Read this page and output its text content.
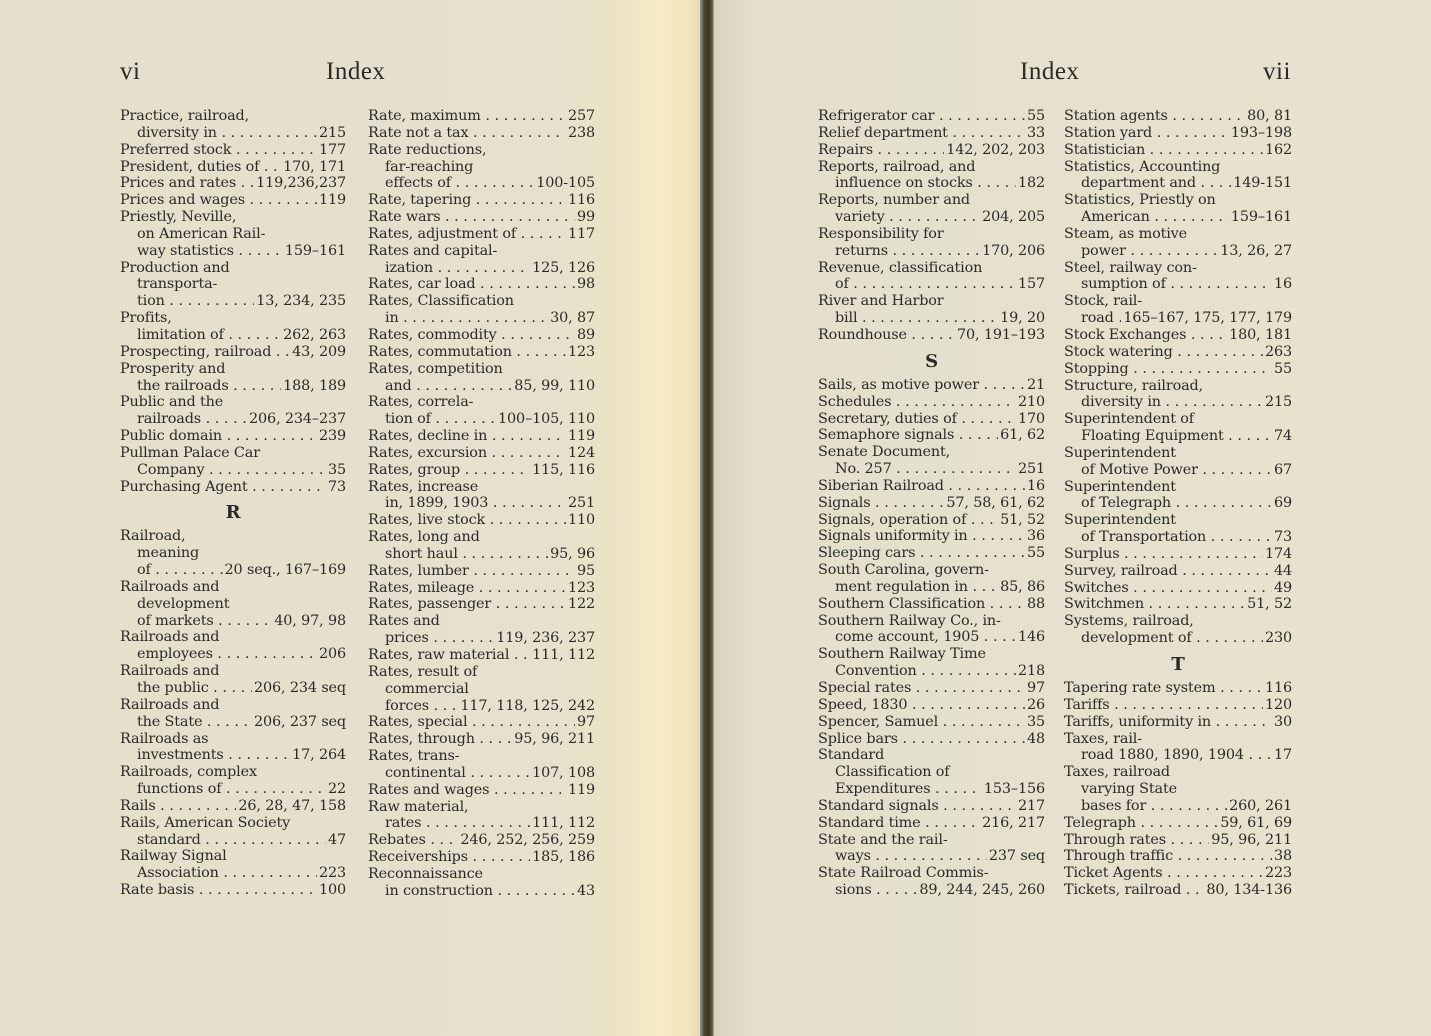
vi	Index
Practice, railroad,
diversity in . . .	215
Preferred stock . . .	177
President, duties of . . .	170, 171
Prices and rates . . .	119,236,237
Prices and wages . . .	119
Priestly, Neville,
on American Rail-
way statistics . . .	159–161
Production and
transporta-
tion . . .	13, 234, 235
Profits,
limitation of . . .	262, 263
Prospecting, railroad . . .	43, 209
Prosperity and
the railroads . . .	188, 189
Public and the
railroads . . .	206, 234–237
Public domain . . .	239
Pullman Palace Car
Company . . .	35
Purchasing Agent . . .	73
R
Railroad,
meaning
of . . .	20 seq., 167–169
Railroads and
development
of markets . . .	40, 97, 98
Railroads and
employees . . .	206
Railroads and
the public . . .	206, 234 seq
Railroads and
the State . . .	206, 237 seq
Railroads as
investments . . .	17, 264
Railroads, complex
functions of . . .	22
Rails . . .	26, 28, 47, 158
Rails, American Society
standard . . .	47
Railway Signal
Association . . .	223
Rate basis . . .	100
Rate, maximum . . .	257
Rate not a tax . . .	238
Rate reductions,
far-reaching
effects of . . .	100-105
Rate, tapering . . .	116
Rate wars . . .	99
Rates, adjustment of . . .	117
Rates and capital-
ization . . .	125, 126
Rates, car load . . .	98
Rates, Classification
in . . .	30, 87
Rates, commodity . . .	89
Rates, commutation . . .	123
Rates, competition
and . . .	85, 99, 110
Rates, correla-
tion of . . .	100–105, 110
Rates, decline in . . .	119
Rates, excursion . . .	124
Rates, group . . .	115, 116
Rates, increase
in, 1899, 1903 . . .	251
Rates, live stock . . .	110
Rates, long and
short haul . . .	95, 96
Rates, lumber . . .	95
Rates, mileage . . .	123
Rates, passenger . . .	122
Rates and
prices . . .	119, 236, 237
Rates, raw material . . .	111, 112
Rates, result of
commercial
forces . . .	117, 118, 125, 242
Rates, special . . .	97
Rates, through . . .	95, 96, 211
Rates, trans-
continental . . .	107, 108
Rates and wages . . .	119
Raw material,
rates . . .	111, 112
Rebates . . .	246, 252, 256, 259
Receiverships . . .	185, 186
Reconnaissance
in construction . . .	43
Index	vii
Refrigerator car . . .	55
Relief department . . .	33
Repairs . . .	142, 202, 203
Reports, railroad, and
influence on stocks . . .	182
Reports, number and
variety . . .	204, 205
Responsibility for
returns . . .	170, 206
Revenue, classification
of . . .	157
River and Harbor
bill . . .	19, 20
Roundhouse . . .	70, 191–193
S
Sails, as motive power . . .	21
Schedules . . .	210
Secretary, duties of . . .	170
Semaphore signals . . .	61, 62
Senate Document,
No. 257 . . .	251
Siberian Railroad . . .	16
Signals . . .	57, 58, 61, 62
Signals, operation of . . .	51, 52
Signals uniformity in . . .	36
Sleeping cars . . .	55
South Carolina, govern-
ment regulation in . . .	85, 86
Southern Classification . . .	88
Southern Railway Co., in-
come account, 1905 . . .	146
Southern Railway Time
Convention . . .	218
Special rates . . .	97
Speed, 1830 . . .	26
Spencer, Samuel . . .	35
Splice bars . . .	48
Standard
Classification of
Expenditures . . .	153–156
Standard signals . . .	217
Standard time . . .	216, 217
State and the rail-
ways . . .	237 seq
State Railroad Commis-
sions . . .	89, 244, 245, 260
Station agents . . .	80, 81
Station yard . . .	193–198
Statistician . . .	162
Statistics, Accounting
department and . . .	149-151
Statistics, Priestly on
American . . .	159–161
Steam, as motive
power . . .	13, 26, 27
Steel, railway con-
sumption of . . .	16
Stock, rail-
road . . . 165–167, 175, 177, 179
Stock Exchanges . . .	180, 181
Stock watering . . .	263
Stopping . . .	55
Structure, railroad,
diversity in . . .	215
Superintendent of
Floating Equipment . . .	74
Superintendent
of Motive Power . . .	67
Superintendent
of Telegraph . . .	69
Superintendent
of Transportation . . .	73
Surplus . . .	174
Survey, railroad . . .	44
Switches . . .	49
Switchmen . . .	51, 52
Systems, railroad,
development of . . .	230
T
Tapering rate system . . .	116
Tariffs . . .	120
Tariffs, uniformity in . . .	30
Taxes, rail-
road 1880, 1890, 1904 . . .	17
Taxes, railroad
varying State
bases for . . .	260, 261
Telegraph . . .	59, 61, 69
Through rates . . .	95, 96, 211
Through traffic . . .	38
Ticket Agents . . .	223
Tickets, railroad . . .	80, 134-136
